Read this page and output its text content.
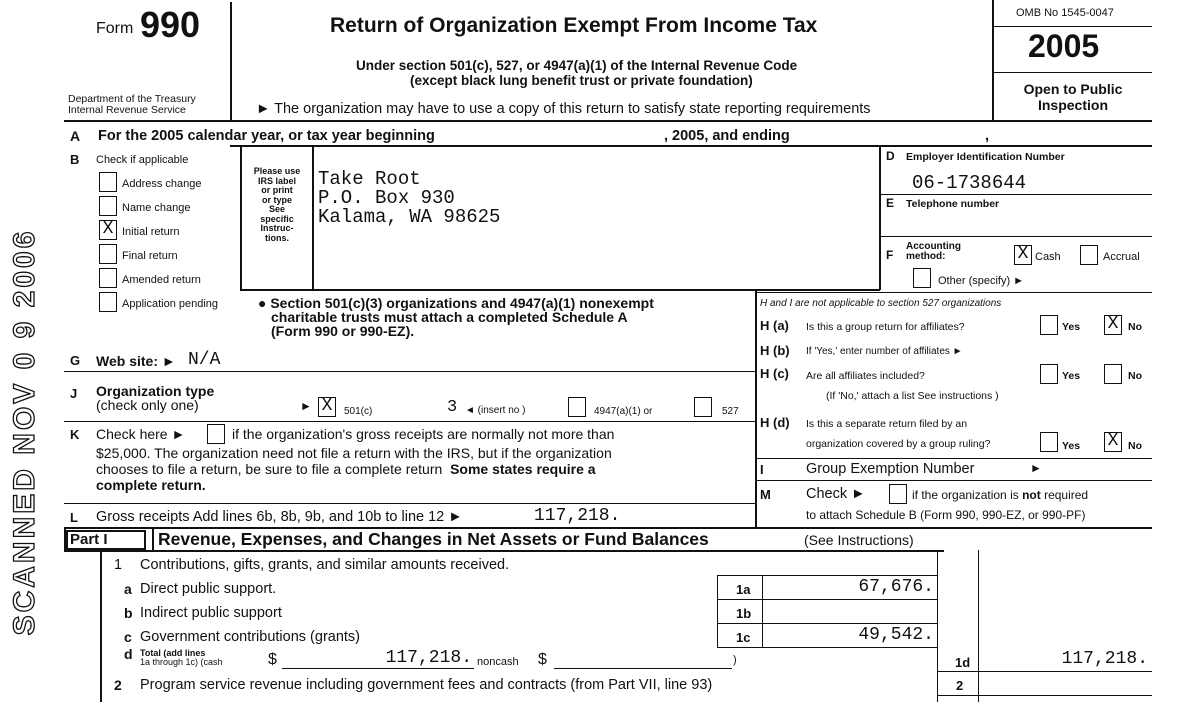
SCANNED NOV 0 9 2006
Form 990
Department of the Treasury
Internal Revenue Service
Return of Organization Exempt From Income Tax
Under section 501(c), 527, or 4947(a)(1) of the Internal Revenue Code
(except black lung benefit trust or private foundation)
► The organization may have to use a copy of this return to satisfy state reporting requirements
OMB No 1545-0047
2005
Open to Public
Inspection
A For the 2005 calendar year, or tax year beginning	, 2005, and ending	,
B Check if applicable
Address change
Name change
X Initial return
Final return
Amended return
Application pending
Please use
IRS label
or print
or type
See
specific
Instruc-
tions.
Take Root
P.O. Box 930
Kalama, WA 98625
D Employer Identification Number
06-1738644
E Telephone number
F
Accounting
method:	X Cash	Accrual
Other (specify) ►
● Section 501(c)(3) organizations and 4947(a)(1) nonexempt
charitable trusts must attach a completed Schedule A
(Form 990 or 990-EZ).
H and I are not applicable to section 527 organizations
H (a) Is this a group return for affiliates?	Yes X No
H (b) If 'Yes,' enter number of affiliates ►
H (c) Are all affiliates included?
(If 'No,' attach a list See instructions )
Yes	No
H (d) Is this a separate return filed by an
organization covered by a group ruling?	Yes X No
G Web site: ► N/A
J Organization type
(check only one)	► X	501(c)	3 ◄ (insert no )	4947(a)(1) or	527
K Check here ►	if the organization's gross receipts are normally not more than
$25,000. The organization need not file a return with the IRS, but if the organization
chooses to file a return, be sure to file a complete return Some states require a
complete return.
I	Group Exemption Number	►
M Check ►	if the organization is not required
to attach Schedule B (Form 990, 990-EZ, or 990-PF)
L Gross receipts Add lines 6b, 8b, 9b, and 10b to line 12 ►	117,218.
Part I	Revenue, Expenses, and Changes in Net Assets or Fund Balances	(See Instructions)
1 Contributions, gifts, grants, and similar amounts received.
a Direct public support.	1a	67,676.
b Indirect public support	1b
c Government contributions (grants)	1c	49,542.
d Total (add lines
1a through 1c) (cash	$	117,218. noncash $	)	1d	117,218.
2 Program service revenue including government fees and contracts (from Part VII, line 93)	2
